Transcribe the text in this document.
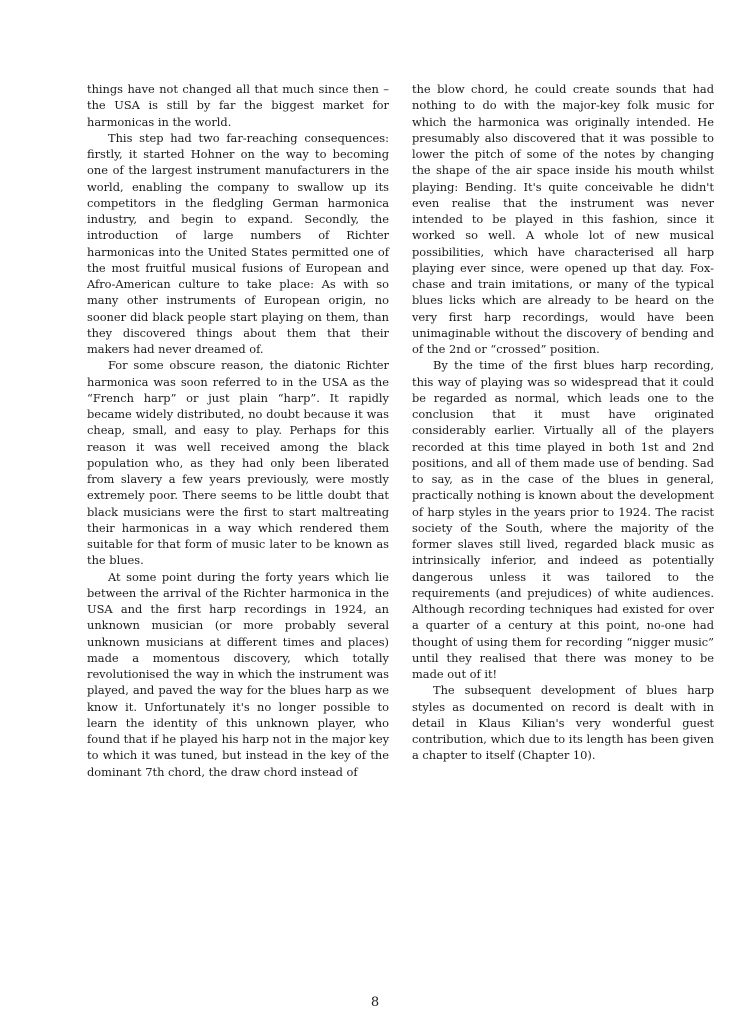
things have not changed all that much since then – the USA is still by far the biggest market for harmonicas in the world.

This step had two far-reaching consequences: firstly, it started Hohner on the way to becoming one of the largest instrument manufacturers in the world, enabling the company to swallow up its competitors in the fledgling German harmonica industry, and begin to expand. Secondly, the introduction of large numbers of Richter harmonicas into the United States permitted one of the most fruitful musical fusions of European and Afro-American culture to take place: As with so many other instruments of European origin, no sooner did black people start playing on them, than they discovered things about them that their makers had never dreamed of.

For some obscure reason, the diatonic Richter harmonica was soon referred to in the USA as the “French harp” or just plain “harp”. It rapidly became widely distributed, no doubt because it was cheap, small, and easy to play. Perhaps for this reason it was well received among the black population who, as they had only been liberated from slavery a few years previously, were mostly extremely poor. There seems to be little doubt that black musicians were the first to start maltreating their harmonicas in a way which rendered them suitable for that form of music later to be known as the blues.

At some point during the forty years which lie between the arrival of the Richter harmonica in the USA and the first harp recordings in 1924, an unknown musician (or more probably several unknown musicians at different times and places) made a momentous discovery, which totally revolutionised the way in which the instrument was played, and paved the way for the blues harp as we know it. Unfortunately it's no longer possible to learn the identity of this unknown player, who found that if he played his harp not in the major key to which it was tuned, but instead in the key of the dominant 7th chord, the draw chord instead of

the blow chord, he could create sounds that had nothing to do with the major-key folk music for which the harmonica was originally intended. He presumably also discovered that it was possible to lower the pitch of some of the notes by changing the shape of the air space inside his mouth whilst playing: Bending. It's quite conceivable he didn't even realise that the instrument was never intended to be played in this fashion, since it worked so well. A whole lot of new musical possibilities, which have characterised all harp playing ever since, were opened up that day. Fox-chase and train imitations, or many of the typical blues licks which are already to be heard on the very first harp recordings, would have been unimaginable without the discovery of bending and of the 2nd or “crossed” position.

By the time of the first blues harp recording, this way of playing was so widespread that it could be regarded as normal, which leads one to the conclusion that it must have originated considerably earlier. Virtually all of the players recorded at this time played in both 1st and 2nd positions, and all of them made use of bending. Sad to say, as in the case of the blues in general, practically nothing is known about the development of harp styles in the years prior to 1924. The racist society of the South, where the majority of the former slaves still lived, regarded black music as intrinsically inferior, and indeed as potentially dangerous unless it was tailored to the requirements (and prejudices) of white audiences. Although recording techniques had existed for over a quarter of a century at this point, no-one had thought of using them for recording “nigger music” until they realised that there was money to be made out of it!

The subsequent development of blues harp styles as documented on record is dealt with in detail in Klaus Kilian's very wonderful guest contribution, which due to its length has been given a chapter to itself (Chapter 10).

8
